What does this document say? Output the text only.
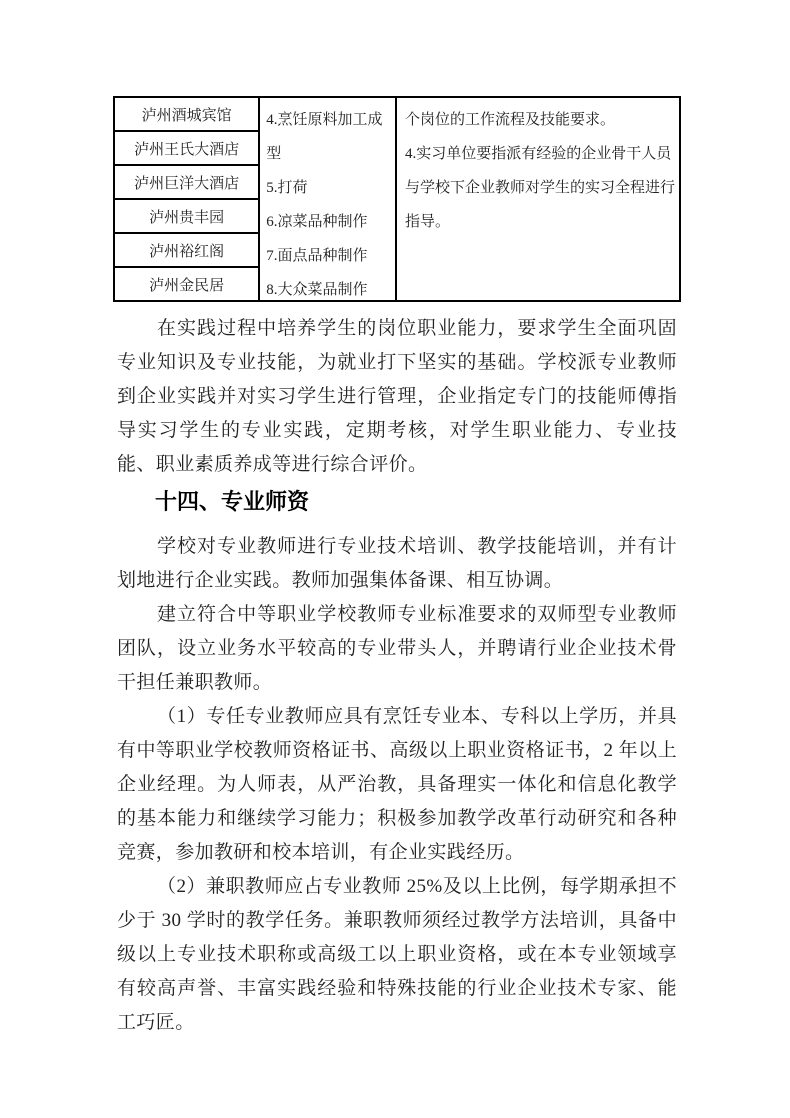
泸州酒城宾馆
泸州王氏大酒店
泸州巨洋大酒店
泸州贵丰园
泸州裕红阁
泸州金民居
4.烹饪原料加工成
型
5.打荷
6.凉菜品种制作
7.面点品种制作
8.大众菜品制作
个岗位的工作流程及技能要求。
4.实习单位要指派有经验的企业骨干人员
与学校下企业教师对学生的实习全程进行
指导。

在实践过程中培养学生的岗位职业能力，要求学生全面巩固专业知识及专业技能，为就业打下坚实的基础。学校派专业教师到企业实践并对实习学生进行管理，企业指定专门的技能师傅指导实习学生的专业实践，定期考核，对学生职业能力、专业技能、职业素质养成等进行综合评价。

十四、专业师资

学校对专业教师进行专业技术培训、教学技能培训，并有计划地进行企业实践。教师加强集体备课、相互协调。

建立符合中等职业学校教师专业标准要求的双师型专业教师团队，设立业务水平较高的专业带头人，并聘请行业企业技术骨干担任兼职教师。

（1）专任专业教师应具有烹饪专业本、专科以上学历，并具有中等职业学校教师资格证书、高级以上职业资格证书，2 年以上企业经理。为人师表，从严治教，具备理实一体化和信息化教学的基本能力和继续学习能力；积极参加教学改革行动研究和各种竞赛，参加教研和校本培训，有企业实践经历。

（2）兼职教师应占专业教师 25%及以上比例，每学期承担不少于 30 学时的教学任务。兼职教师须经过教学方法培训，具备中级以上专业技术职称或高级工以上职业资格，或在本专业领域享有较高声誉、丰富实践经验和特殊技能的行业企业技术专家、能工巧匠。
